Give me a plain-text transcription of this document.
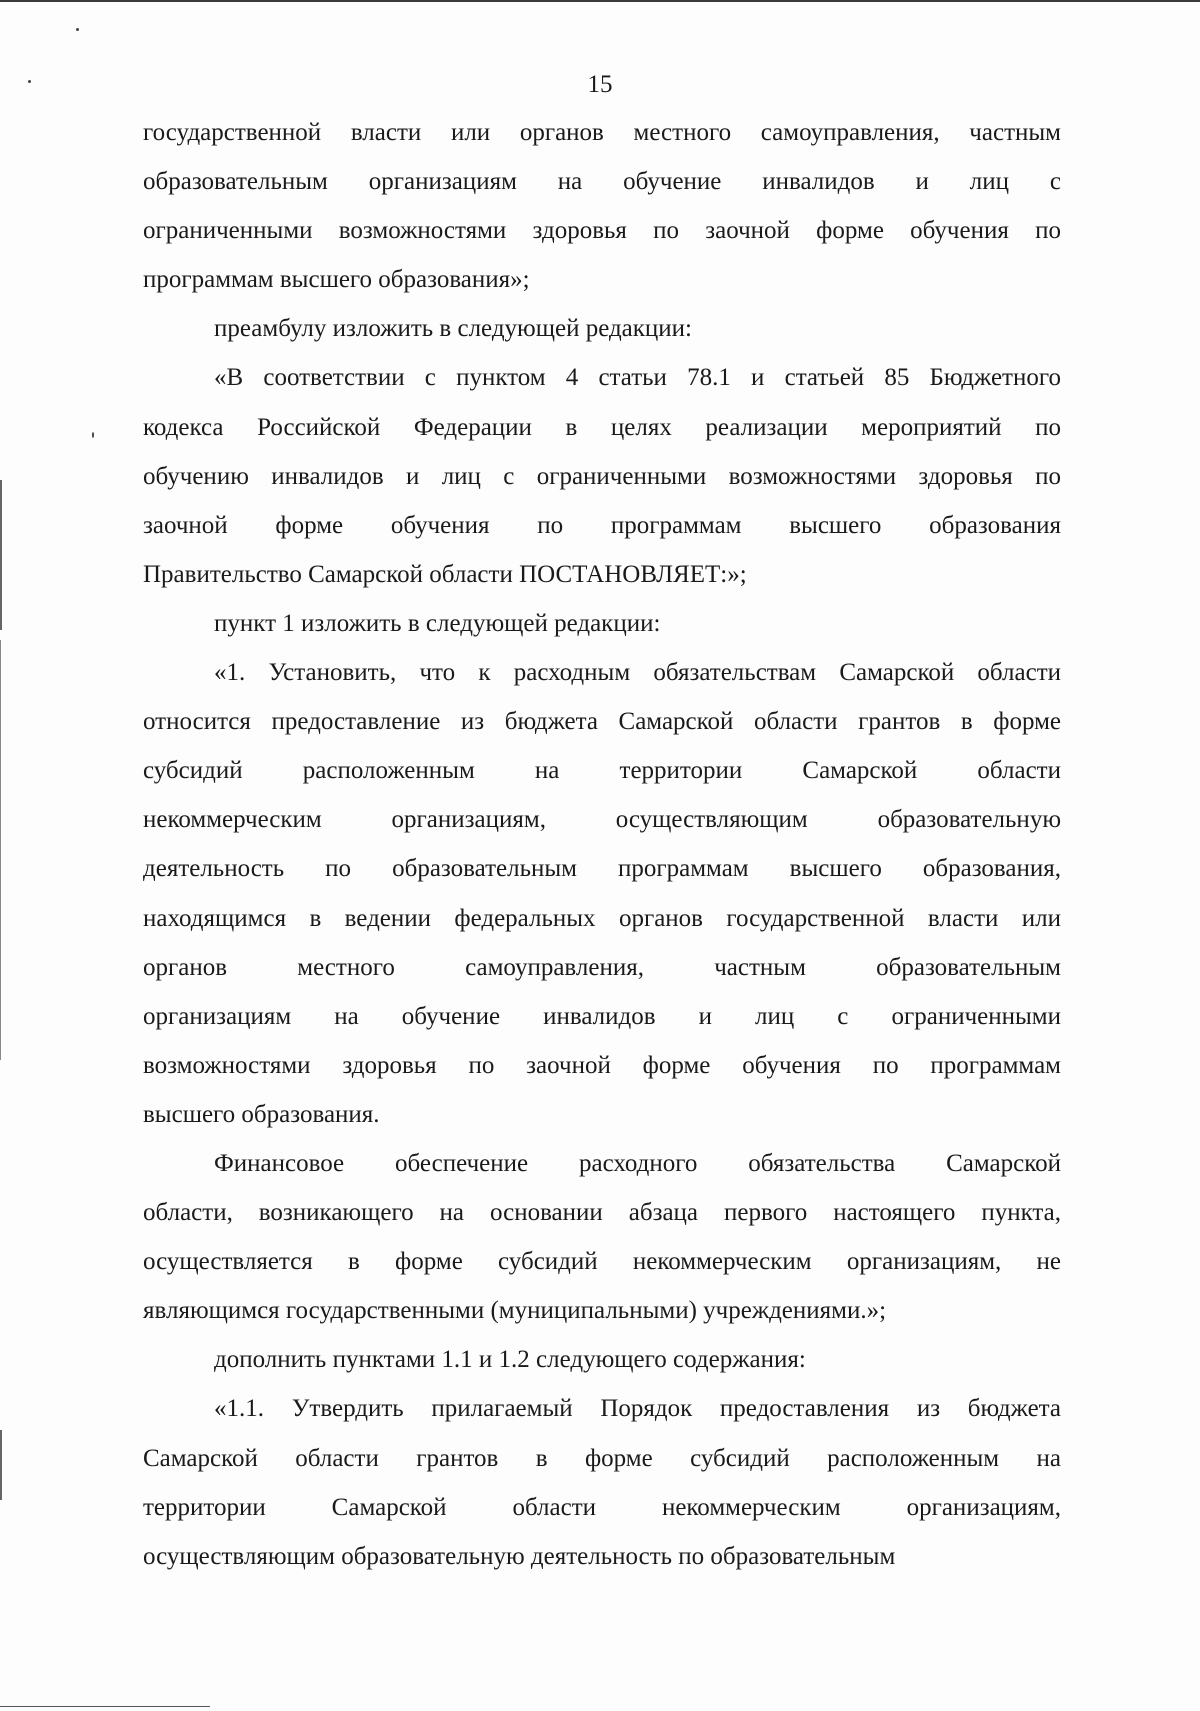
15
государственной власти или органов местного самоуправления, частным
образовательным организациям на обучение инвалидов и лиц с
ограниченными возможностями здоровья по заочной форме обучения по
программам высшего образования»;
преамбулу изложить в следующей редакции:
«В соответствии с пунктом 4 статьи 78.1 и статьей 85 Бюджетного
кодекса Российской Федерации в целях реализации мероприятий по
обучению инвалидов и лиц с ограниченными возможностями здоровья по
заочной форме обучения по программам высшего образования
Правительство Самарской области ПОСТАНОВЛЯЕТ:»;
пункт 1 изложить в следующей редакции:
«1. Установить, что к расходным обязательствам Самарской области
относится предоставление из бюджета Самарской области грантов в форме
субсидий расположенным на территории Самарской области
некоммерческим организациям, осуществляющим образовательную
деятельность по образовательным программам высшего образования,
находящимся в ведении федеральных органов государственной власти или
органов местного самоуправления, частным образовательным
организациям на обучение инвалидов и лиц с ограниченными
возможностями здоровья по заочной форме обучения по программам
высшего образования.
Финансовое обеспечение расходного обязательства Самарской
области, возникающего на основании абзаца первого настоящего пункта,
осуществляется в форме субсидий некоммерческим организациям, не
являющимся государственными (муниципальными) учреждениями.»;
дополнить пунктами 1.1 и 1.2 следующего содержания:
«1.1. Утвердить прилагаемый Порядок предоставления из бюджета
Самарской области грантов в форме субсидий расположенным на
территории Самарской области некоммерческим организациям,
осуществляющим образовательную деятельность по образовательным
